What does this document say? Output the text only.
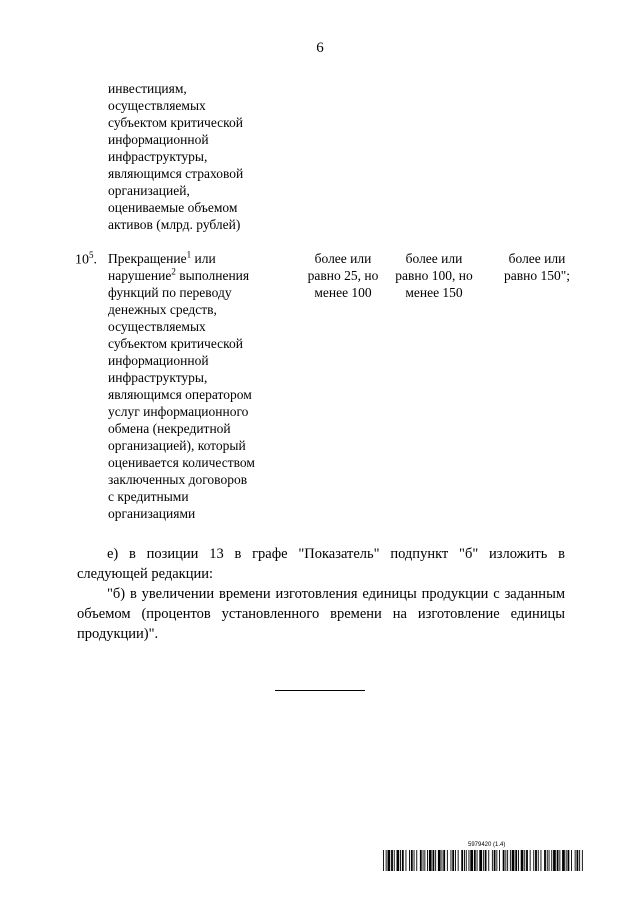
6
инвестициям,
осуществляемых
субъектом критической
информационной
инфраструктуры,
являющимся страховой
организацией,
оцениваемые объемом
активов (млрд. рублей)
$10^5$. Прекращение$^1$ или
нарушение$^2$ выполнения
функций по переводу
денежных средств,
осуществляемых
субъектом критической
информационной
инфраструктуры,
являющимся оператором
услуг информационного
обмена (некредитной
организацией), который
оценивается количеством
заключенных договоров
с кредитными
организациями
более или
равно 25, но
менее 100
более или
равно 100, но
менее 150
более или
равно 150";
е) в позиции 13 в графе "Показатель" подпункт "б" изложить в следующей редакции:
"б) в увеличении времени изготовления единицы продукции с заданным объемом (процентов установленного времени на изготовление единицы продукции)".
5979420 (1.4)
